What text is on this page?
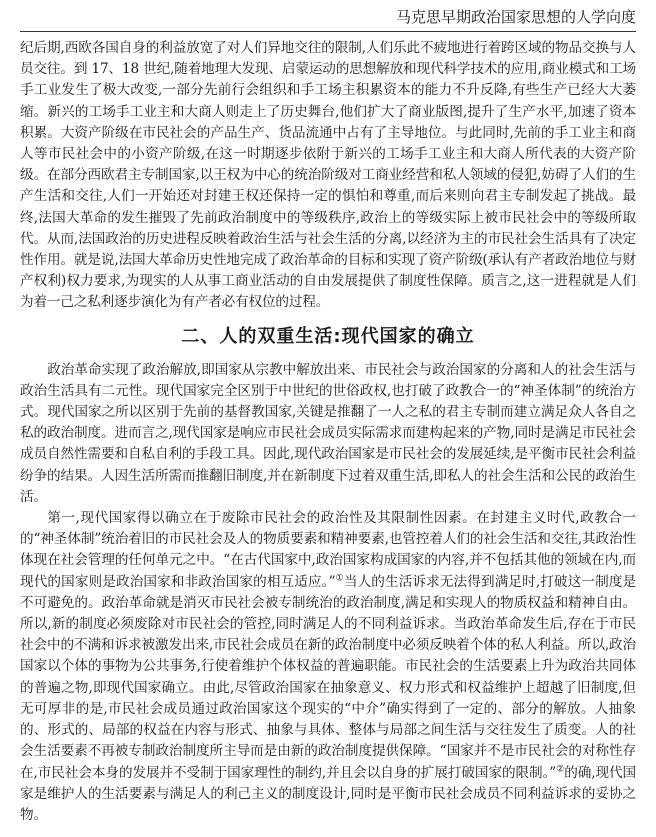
马克思早期政治国家思想的人学向度

纪后期,西欧各国自身的利益放宽了对人们异地交往的限制,人们乐此不疲地进行着跨区域的物品交换与人员交往。到 17、18 世纪,随着地理大发现、启蒙运动的思想解放和现代科学技术的应用,商业模式和工场手工业发生了极大改变,一部分先前行会组织和手工场主积累资本的能力不升反降,有些生产已经大大萎缩。新兴的工场手工业主和大商人则走上了历史舞台,他们扩大了商业版图,提升了生产水平,加速了资本积累。大资产阶级在市民社会的产品生产、货品流通中占有了主导地位。与此同时,先前的手工业主和商人等市民社会中的小资产阶级,在这一时期逐步依附于新兴的工场手工业主和大商人所代表的大资产阶级。在部分西欧君主专制国家,以王权为中心的统治阶级对工商业经营和私人领域的侵犯,妨碍了人们的生产生活和交往,人们一开始还对封建王权还保持一定的惧怕和尊重,而后来则向君主专制发起了挑战。最终,法国大革命的发生摧毁了先前政治制度中的等级秩序,政治上的等级实际上被市民社会中的等级所取代。从而,法国政治的历史进程反映着政治生活与社会生活的分离,以经济为主的市民社会生活具有了决定性作用。就是说,法国大革命历史性地完成了政治革命的目标和实现了资产阶级(承认有产者政治地位与财产权利)权力要求,为现实的人从事工商业活动的自由发展提供了制度性保障。质言之,这一进程就是人们为着一己之私利逐步演化为有产者必有权位的过程。

二、人的双重生活:现代国家的确立

政治革命实现了政治解放,即国家从宗教中解放出来、市民社会与政治国家的分离和人的社会生活与政治生活具有二元性。现代国家完全区别于中世纪的世俗政权,也打破了政教合一的“神圣体制”的统治方式。现代国家之所以区别于先前的基督教国家,关键是推翻了一人之私的君主专制而建立满足众人各自之私的政治制度。进而言之,现代国家是响应市民社会成员实际需求而建构起来的产物,同时是满足市民社会成员自然性需要和自私自利的手段工具。因此,现代政治国家是市民社会的发展延续,是平衡市民社会利益纷争的结果。人因生活所需而推翻旧制度,并在新制度下过着双重生活,即私人的社会生活和公民的政治生活。

第一,现代国家得以确立在于废除市民社会的政治性及其限制性因素。在封建主义时代,政教合一的“神圣体制”统治着旧的市民社会及人的物质要素和精神要素,也管控着人们的社会生活和交往,其政治性体现在社会管理的任何单元之中。“在古代国家中,政治国家构成国家的内容,并不包括其他的领域在内,而现代的国家则是政治国家和非政治国家的相互适应。”①当人的生活诉求无法得到满足时,打破这一制度是不可避免的。政治革命就是消灭市民社会被专制统治的政治制度,满足和实现人的物质权益和精神自由。所以,新的制度必须废除对市民社会的管控,同时满足人的不同利益诉求。当政治革命发生后,存在于市民社会中的不满和诉求被激发出来,市民社会成员在新的政治制度中必须反映着个体的私人利益。所以,政治国家以个体的事物为公共事务,行使着维护个体权益的普遍职能。市民社会的生活要素上升为政治共同体的普遍之物,即现代国家确立。由此,尽管政治国家在抽象意义、权力形式和权益维护上超越了旧制度,但无可厚非的是,市民社会成员通过政治国家这个现实的“中介”确实得到了一定的、部分的解放。人抽象的、形式的、局部的权益在内容与形式、抽象与具体、整体与局部之间生活与交往发生了质变。人的社会生活要素不再被专制政治制度所主导而是由新的政治制度提供保障。“国家并不是市民社会的对称性存在,市民社会本身的发展并不受制于国家理性的制约,并且会以自身的扩展打破国家的限制。”②的确,现代国家是维护人的生活要素与满足人的利己主义的制度设计,同时是平衡市民社会成员不同利益诉求的妥协之物。
